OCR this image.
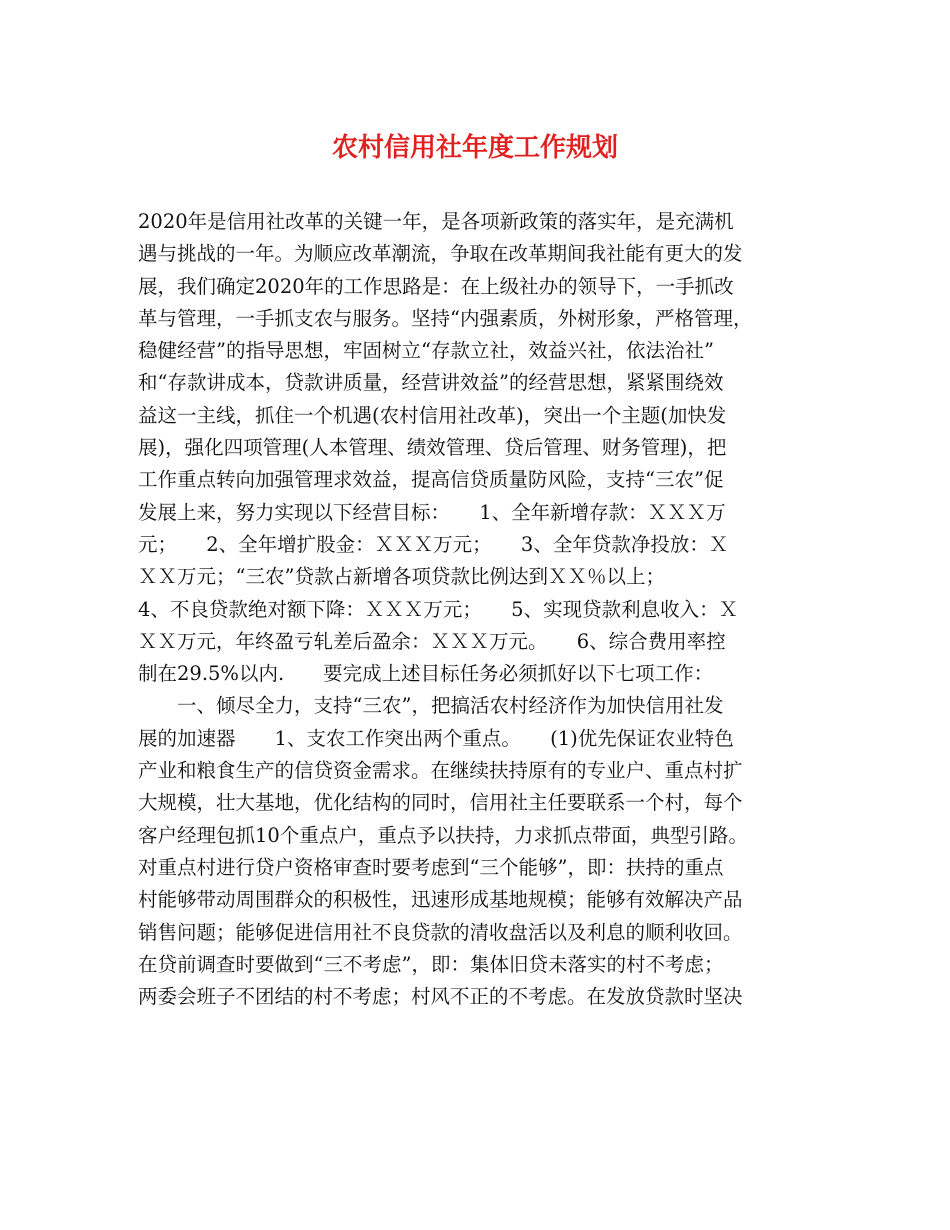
农村信用社年度工作规划
2020年是信用社改革的关键一年，是各项新政策的落实年，是充满机
遇与挑战的一年。为顺应改革潮流，争取在改革期间我社能有更大的发
展，我们确定2020年的工作思路是：在上级社办的领导下，一手抓改
革与管理，一手抓支农与服务。坚持“内强素质，外树形象，严格管理，
稳健经营”的指导思想，牢固树立“存款立社，效益兴社，依法治社”
和“存款讲成本，贷款讲质量，经营讲效益”的经营思想，紧紧围绕效
益这一主线，抓住一个机遇(农村信用社改革)，突出一个主题(加快发
展)，强化四项管理(人本管理、绩效管理、贷后管理、财务管理)，把
工作重点转向加强管理求效益，提高信贷质量防风险，支持“三农”促
发展上来，努力实现以下经营目标：　　1、全年新增存款：ＸＸＸ万
元；　　2、全年增扩股金：ＸＸＸ万元；　　3、全年贷款净投放：Ｘ
ＸＸ万元；“三农”贷款占新增各项贷款比例达到ＸＸ％以上；
4、不良贷款绝对额下降：ＸＸＸ万元；　　5、实现贷款利息收入：Ｘ
ＸＸ万元，年终盈亏轧差后盈余：ＸＸＸ万元。　　6、综合费用率控
制在29.5%以内.　　要完成上述目标任务必须抓好以下七项工作：
　　一、倾尽全力，支持“三农”，把搞活农村经济作为加快信用社发
展的加速器　　1、支农工作突出两个重点。　　(1)优先保证农业特色
产业和粮食生产的信贷资金需求。在继续扶持原有的专业户、重点村扩
大规模，壮大基地，优化结构的同时，信用社主任要联系一个村，每个
客户经理包抓10个重点户，重点予以扶持，力求抓点带面，典型引路。
对重点村进行贷户资格审查时要考虑到“三个能够”，即：扶持的重点
村能够带动周围群众的积极性，迅速形成基地规模；能够有效解决产品
销售问题；能够促进信用社不良贷款的清收盘活以及利息的顺利收回。
在贷前调查时要做到“三不考虑”，即：集体旧贷未落实的村不考虑；
两委会班子不团结的村不考虑；村风不正的不考虑。在发放贷款时坚决
